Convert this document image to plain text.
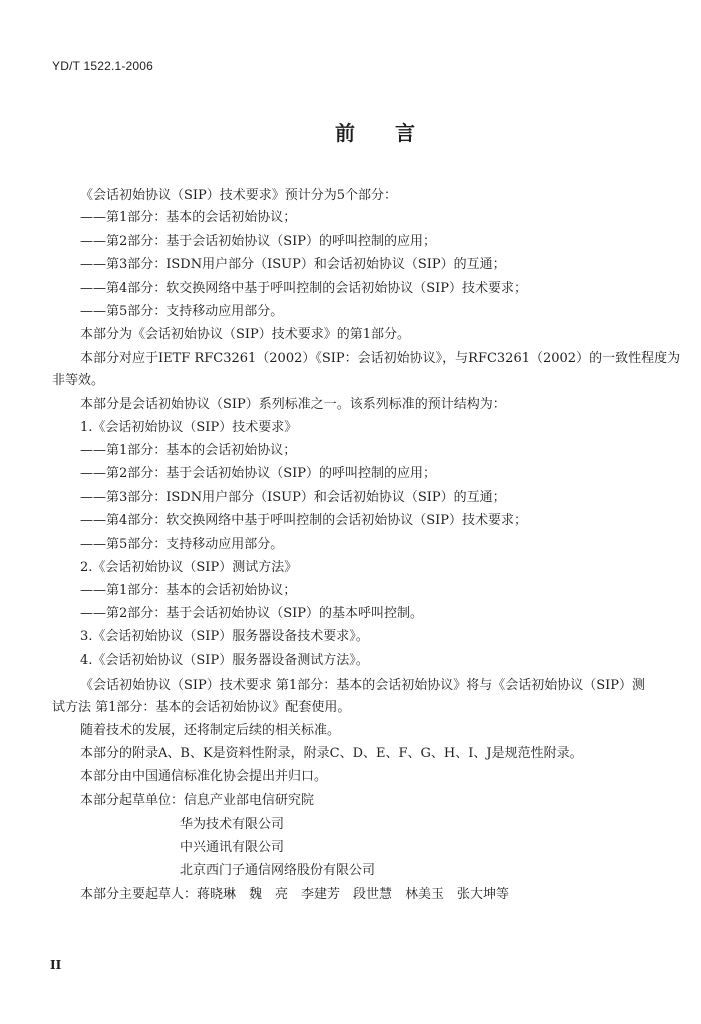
YD/T 1522.1-2006
前　　言
《会话初始协议（SIP）技术要求》预计分为5个部分：
——第1部分：基本的会话初始协议；
——第2部分：基于会话初始协议（SIP）的呼叫控制的应用；
——第3部分：ISDN用户部分（ISUP）和会话初始协议（SIP）的互通；
——第4部分：软交换网络中基于呼叫控制的会话初始协议（SIP）技术要求；
——第5部分：支持移动应用部分。
本部分为《会话初始协议（SIP）技术要求》的第1部分。
本部分对应于IETF RFC3261（2002）《SIP：会话初始协议》，与RFC3261（2002）的一致性程度为
非等效。
本部分是会话初始协议（SIP）系列标准之一。该系列标准的预计结构为：
1.《会话初始协议（SIP）技术要求》
——第1部分：基本的会话初始协议；
——第2部分：基于会话初始协议（SIP）的呼叫控制的应用；
——第3部分：ISDN用户部分（ISUP）和会话初始协议（SIP）的互通；
——第4部分：软交换网络中基于呼叫控制的会话初始协议（SIP）技术要求；
——第5部分：支持移动应用部分。
2.《会话初始协议（SIP）测试方法》
——第1部分：基本的会话初始协议；
——第2部分：基于会话初始协议（SIP）的基本呼叫控制。
3.《会话初始协议（SIP）服务器设备技术要求》。
4.《会话初始协议（SIP）服务器设备测试方法》。
《会话初始协议（SIP）技术要求 第1部分：基本的会话初始协议》将与《会话初始协议（SIP）测
试方法 第1部分：基本的会话初始协议》配套使用。
随着技术的发展，还将制定后续的相关标准。
本部分的附录A、B、K是资料性附录，附录C、D、E、F、G、H、I、J是规范性附录。
本部分由中国通信标准化协会提出并归口。
本部分起草单位：信息产业部电信研究院
华为技术有限公司
中兴通讯有限公司
北京西门子通信网络股份有限公司
本部分主要起草人：蒋晓琳　魏　亮　李建芳　段世慧　林美玉　张大坤等
II
